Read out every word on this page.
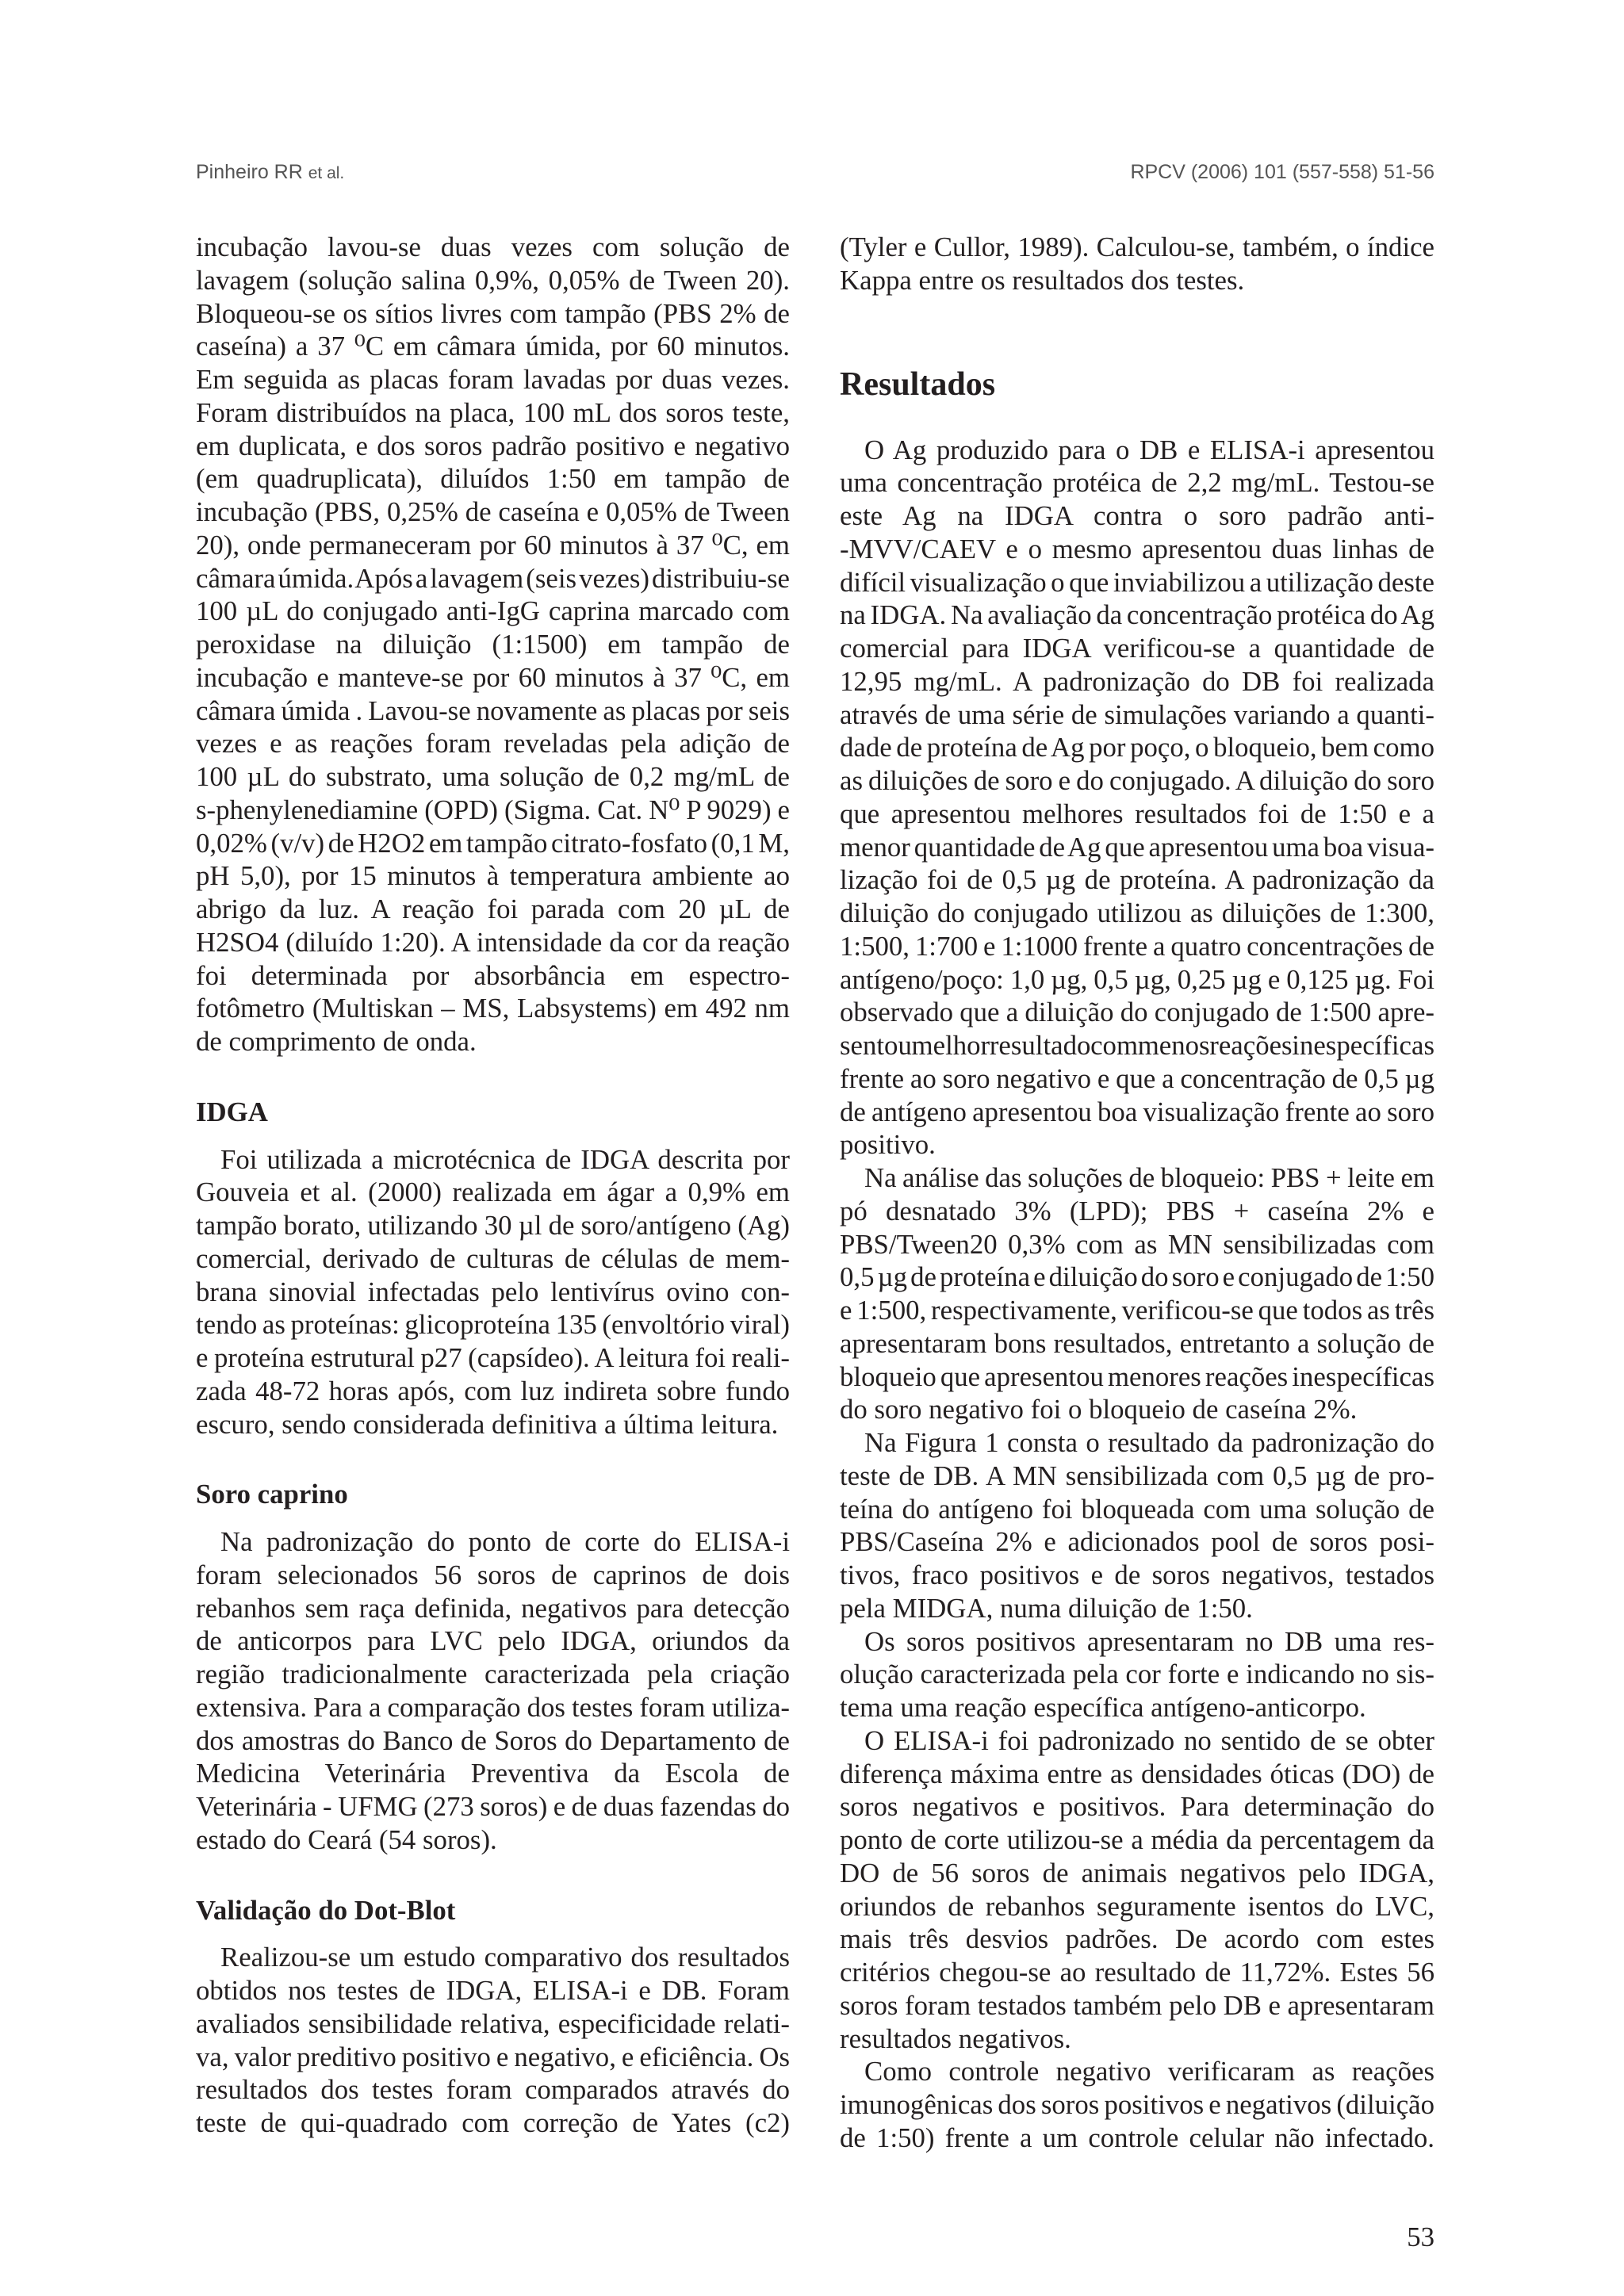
Pinheiro RR et al.	RPCV (2006) 101 (557-558) 51-56
incubação lavou-se duas vezes com solução de
lavagem (solução salina 0,9%, 0,05% de Tween 20).
Bloqueou-se os sítios livres com tampão (PBS 2% de
caseína) a 37 ⁰C em câmara úmida, por 60 minutos.
Em seguida as placas foram lavadas por duas vezes.
Foram distribuídos na placa, 100 mL dos soros teste,
em duplicata, e dos soros padrão positivo e negativo
(em quadruplicata), diluídos 1:50 em tampão de
incubação (PBS, 0,25% de caseína e 0,05% de Tween
20), onde permaneceram por 60 minutos à 37 ⁰C, em
câmara úmida. Após a lavagem (seis vezes) distribuiu-se
100 µL do conjugado anti-IgG caprina marcado com
peroxidase na diluição (1:1500) em tampão de
incubação e manteve-se por 60 minutos à 37 ⁰C, em
câmara úmida . Lavou-se novamente as placas por seis
vezes e as reações foram reveladas pela adição de
100 µL do substrato, uma solução de 0,2 mg/mL de
s-phenylenediamine (OPD) (Sigma. Cat. N⁰ P 9029) e
0,02% (v/v) de H2O2 em tampão citrato-fosfato (0,1 M,
pH 5,0), por 15 minutos à temperatura ambiente ao
abrigo da luz. A reação foi parada com 20 µL de
H2SO4 (diluído 1:20). A intensidade da cor da reação
foi determinada por absorbância em espectro-
fotômetro (Multiskan – MS, Labsystems) em 492 nm
de comprimento de onda.
IDGA
Foi utilizada a microtécnica de IDGA descrita por
Gouveia et al. (2000) realizada em ágar a 0,9% em
tampão borato, utilizando 30 µl de soro/antígeno (Ag)
comercial, derivado de culturas de células de mem-
brana sinovial infectadas pelo lentivírus ovino con-
tendo as proteínas: glicoproteína 135 (envoltório viral)
e proteína estrutural p27 (capsídeo). A leitura foi reali-
zada 48-72 horas após, com luz indireta sobre fundo
escuro, sendo considerada definitiva a última leitura.
Soro caprino
Na padronização do ponto de corte do ELISA-i
foram selecionados 56 soros de caprinos de dois
rebanhos sem raça definida, negativos para detecção
de anticorpos para LVC pelo IDGA, oriundos da
região tradicionalmente caracterizada pela criação
extensiva. Para a comparação dos testes foram utiliza-
dos amostras do Banco de Soros do Departamento de
Medicina Veterinária Preventiva da Escola de
Veterinária - UFMG (273 soros) e de duas fazendas do
estado do Ceará (54 soros).
Validação do Dot-Blot
Realizou-se um estudo comparativo dos resultados
obtidos nos testes de IDGA, ELISA-i e DB. Foram
avaliados sensibilidade relativa, especificidade relati-
va, valor preditivo positivo e negativo, e eficiência. Os
resultados dos testes foram comparados através do
teste de qui-quadrado com correção de Yates (c2)
(Tyler e Cullor, 1989). Calculou-se, também, o índice
Kappa entre os resultados dos testes.
Resultados
O Ag produzido para o DB e ELISA-i apresentou
uma concentração protéica de 2,2 mg/mL. Testou-se
este Ag na IDGA contra o soro padrão anti-
-MVV/CAEV e o mesmo apresentou duas linhas de
difícil visualização o que inviabilizou a utilização deste
na IDGA. Na avaliação da concentração protéica do Ag
comercial para IDGA verificou-se a quantidade de
12,95 mg/mL. A padronização do DB foi realizada
através de uma série de simulações variando a quanti-
dade de proteína de Ag por poço, o bloqueio, bem como
as diluições de soro e do conjugado. A diluição do soro
que apresentou melhores resultados foi de 1:50 e a
menor quantidade de Ag que apresentou uma boa visua-
lização foi de 0,5 µg de proteína. A padronização da
diluição do conjugado utilizou as diluições de 1:300,
1:500, 1:700 e 1:1000 frente a quatro concentrações de
antígeno/poço: 1,0 µg, 0,5 µg, 0,25 µg e 0,125 µg. Foi
observado que a diluição do conjugado de 1:500 apre-
sentou melhor resultado com menos reações inespecíficas
frente ao soro negativo e que a concentração de 0,5 µg
de antígeno apresentou boa visualização frente ao soro
positivo.
Na análise das soluções de bloqueio: PBS + leite em
pó desnatado 3% (LPD); PBS + caseína 2% e
PBS/Tween20 0,3% com as MN sensibilizadas com
0,5 µg de proteína e diluição do soro e conjugado de 1:50
e 1:500, respectivamente, verificou-se que todos as três
apresentaram bons resultados, entretanto a solução de
bloqueio que apresentou menores reações inespecíficas
do soro negativo foi o bloqueio de caseína 2%.
Na Figura 1 consta o resultado da padronização do
teste de DB. A MN sensibilizada com 0,5 µg de pro-
teína do antígeno foi bloqueada com uma solução de
PBS/Caseína 2% e adicionados pool de soros posi-
tivos, fraco positivos e de soros negativos, testados
pela MIDGA, numa diluição de 1:50.
Os soros positivos apresentaram no DB uma res-
olução caracterizada pela cor forte e indicando no sis-
tema uma reação específica antígeno-anticorpo.
O ELISA-i foi padronizado no sentido de se obter
diferença máxima entre as densidades óticas (DO) de
soros negativos e positivos. Para determinação do
ponto de corte utilizou-se a média da percentagem da
DO de 56 soros de animais negativos pelo IDGA,
oriundos de rebanhos seguramente isentos do LVC,
mais três desvios padrões. De acordo com estes
critérios chegou-se ao resultado de 11,72%. Estes 56
soros foram testados também pelo DB e apresentaram
resultados negativos.
Como controle negativo verificaram as reações
imunogênicas dos soros positivos e negativos (diluição
de 1:50) frente a um controle celular não infectado.
53
